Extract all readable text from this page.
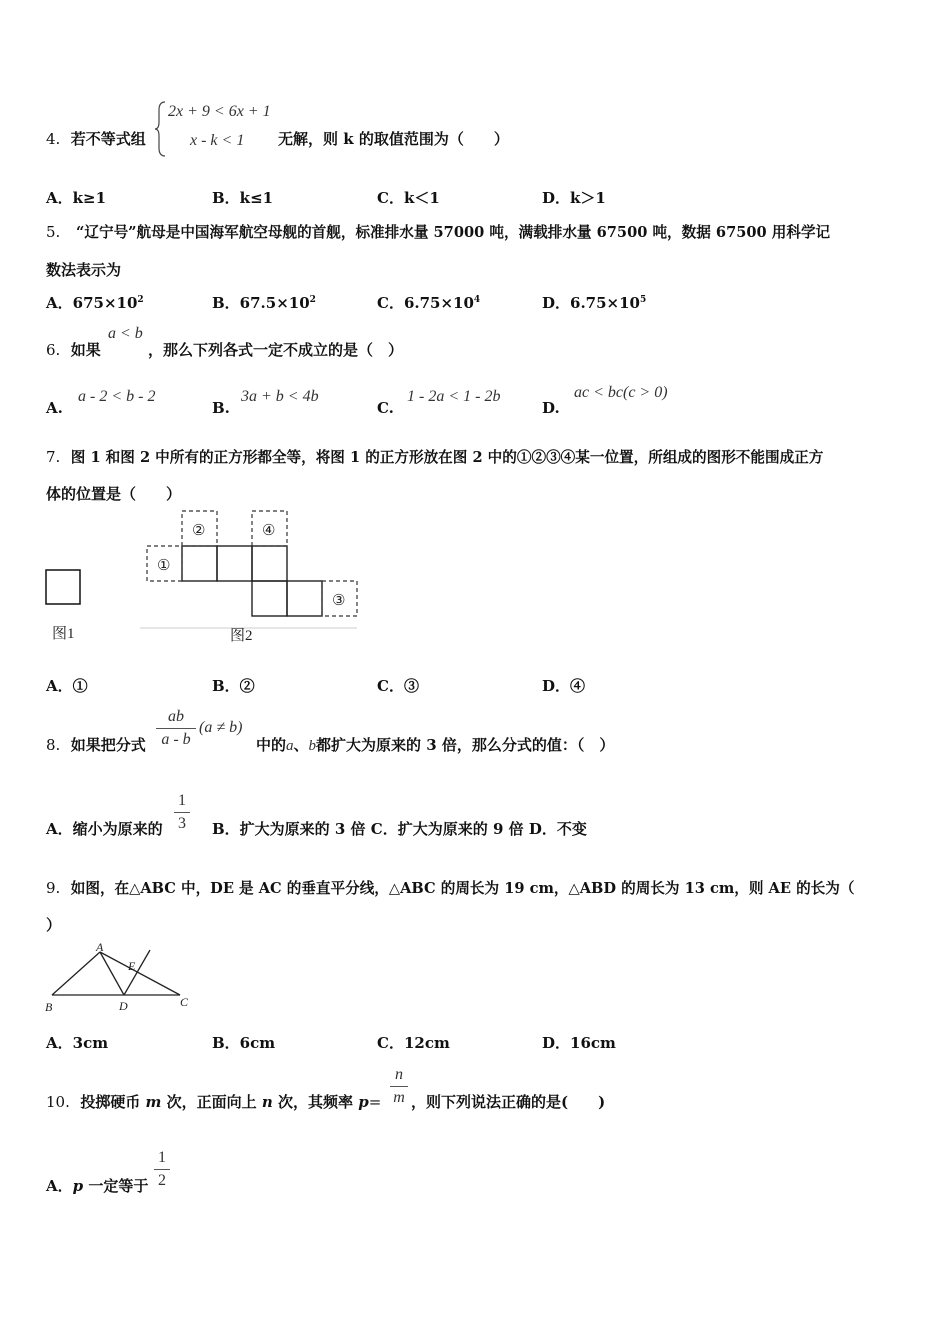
4. 若不等式组
2x + 9 < 6x + 1
x - k < 1 无解，则 k 的取值范围为（　　）
A．k≥1	B．k≤1	C．k＜1	D．k＞1
5. “辽宁号”航母是中国海军航空母舰的首舰，标准排水量 57000 吨，满载排水量 67500 吨，数据 67500 用科学记
数法表示为
A．$675\times 10^2$	B．$67.5\times 10^2$	C．$6.75\times 10^4$	D．$6.75\times 10^5$
6. 如果
a < b
，那么下列各式一定不成立的是（　）
A.
a - 2 < b - 2
B.
3a + b < 4b
C.
1 - 2a < 1 - 2b
D.
ac < bc(c > 0)
7. 图 1 和图 2 中所有的正方形都全等，将图 1 的正方形放在图 2 中的①②③④某一位置，所组成的图形不能围成正方
体的位置是（　　）
图1
①
②
③
④
图2
A．①	B．②	C．③	D．④
8. 如果把分式
ab
a - b
(a ≠ b)
中的a、b都扩大为原来的 3 倍，那么分式的值：（　）
A．缩小为原来的
1
3 B．扩大为原来的 3 倍 C．扩大为原来的 9 倍 D．不变
9. 如图，在△ABC 中，DE 是 AC 的垂直平分线，△ABC 的周长为 19 cm，△ABD 的周长为 13 cm，则 AE 的长为（
）
A
E
B	D	C
A．3cm	B．6cm	C．12cm	D．16cm
10. 投掷硬币 m 次，正面向上 n 次，其频率 p=
n
m ，则下列说法正确的是(　　)
A．p 一定等于
1
2
